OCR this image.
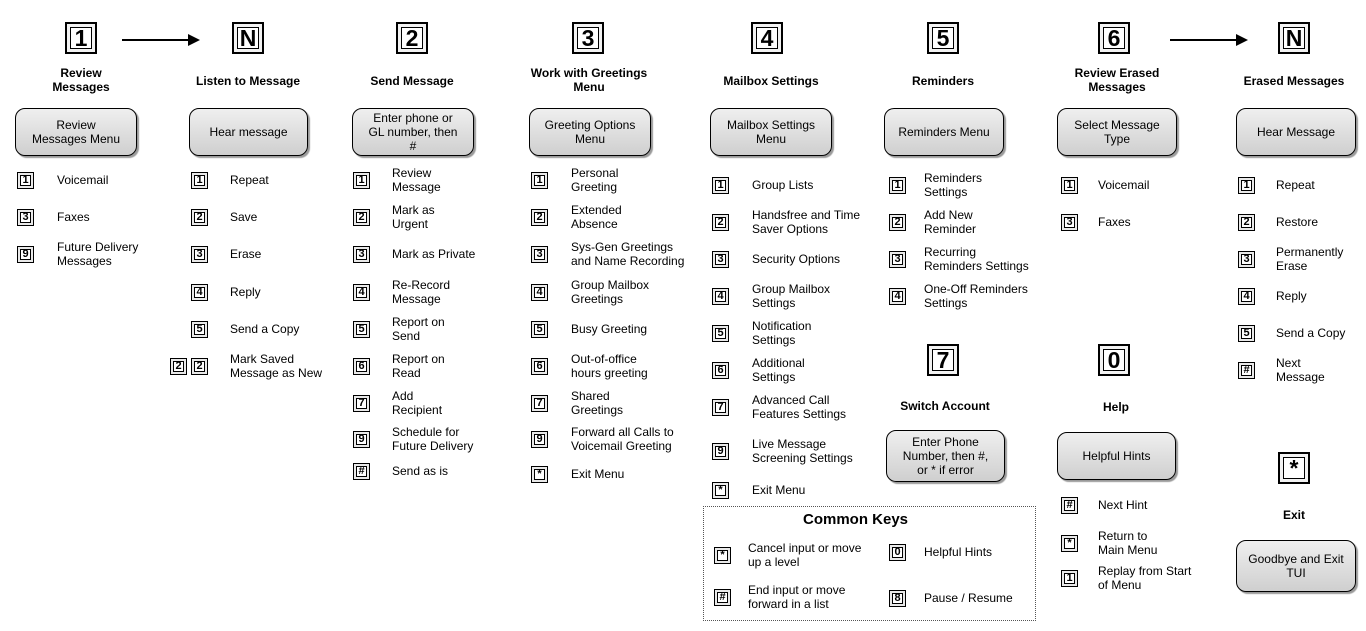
1
Review
Messages
Review
Messages Menu
1 Voicemail
3 Faxes
9 Future Delivery
Messages
N
Listen to Message
Hear message
1 Repeat
2 Save
3 Erase
4 Reply
5 Send a Copy
2 Mark Saved
Message as New
2
2
Send Message
Enter phone or
GL number, then
#
1 Review
Message
2 Mark as
Urgent
3 Mark as Private
4 Re-Record
Message
5 Report on
Send
6 Report on
Read
7 Add
Recipient
9 Schedule for
Future Delivery
# Send as is
3
Work with Greetings
Menu
Greeting Options
Menu
1 Personal
Greeting
2 Extended
Absence
3 Sys-Gen Greetings
and Name Recording
4 Group Mailbox
Greetings
5 Busy Greeting
6 Out-of-office
hours greeting
7 Shared
Greetings
9 Forward all Calls to
Voicemail Greeting
* Exit Menu
4
Mailbox Settings
Mailbox Settings
Menu
1 Group Lists
2 Handsfree and Time
Saver Options
3 Security Options
4 Group Mailbox
Settings
5 Notification
Settings
6 Additional
Settings
7 Advanced Call
Features Settings
9 Live Message
Screening Settings
* Exit Menu
5
Reminders
Reminders Menu
1 Reminders
Settings
2 Add New
Reminder
3 Recurring
Reminders Settings
4 One-Off Reminders
Settings
7
Switch Account
Enter Phone
Number, then #,
or * if error
6
Review Erased
Messages
Select Message
Type
1 Voicemail
3 Faxes
0
Help
Helpful Hints
# Next Hint
* Return to
Main Menu
1 Replay from Start
of Menu
N
Erased Messages
Hear Message
1 Repeat
2 Restore
3 Permanently
Erase
4 Reply
5 Send a Copy
# Next
Message
*
Exit
Goodbye and Exit
TUI
Common Keys
* Cancel input or move
up a level
0 Helpful Hints
# End input or move
forward in a list	8 Pause / Resume
